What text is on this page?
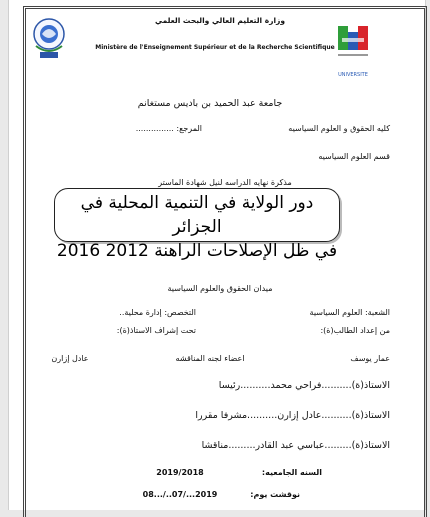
وزارة التعليم العالي والبحث العلمي
Ministère de l'Enseignement Supérieur et de la Recherche Scientifique
UNIVERSITE
جامعة عبد الحميد بن باديس مستغانم
كليه الحقوق و العلوم السياسيه
المرجع: ...............
قسم العلوم السياسيه
مذكرة نهايه الدراسه لنيل شهادة الماستر
دور الولاية في التنمية المحلية في الجزائر
في ظل الإصلاحات الراهنة 2012 2016
ميدان الحقوق والعلوم السياسية
الشعبة: العلوم السياسية
التخصص: إدارة محلية..
من إعداد الطالب(ة):
تحت إشراف الاستاذ(ة):
عمار يوسف
اعضاء لجنه المناقشه
عادل إزارن
الاستاذ(ة)..........فراحي محمد..........رئيسا
الاستاذ(ة)..........عادل إزارن..........مشرفا مقررا
الاستاذ(ة).........عباسي عبد القادر.........مناقشا
السنه الجامعيه:
2019/2018
نوقشت يوم:
08.../..07/...2019
